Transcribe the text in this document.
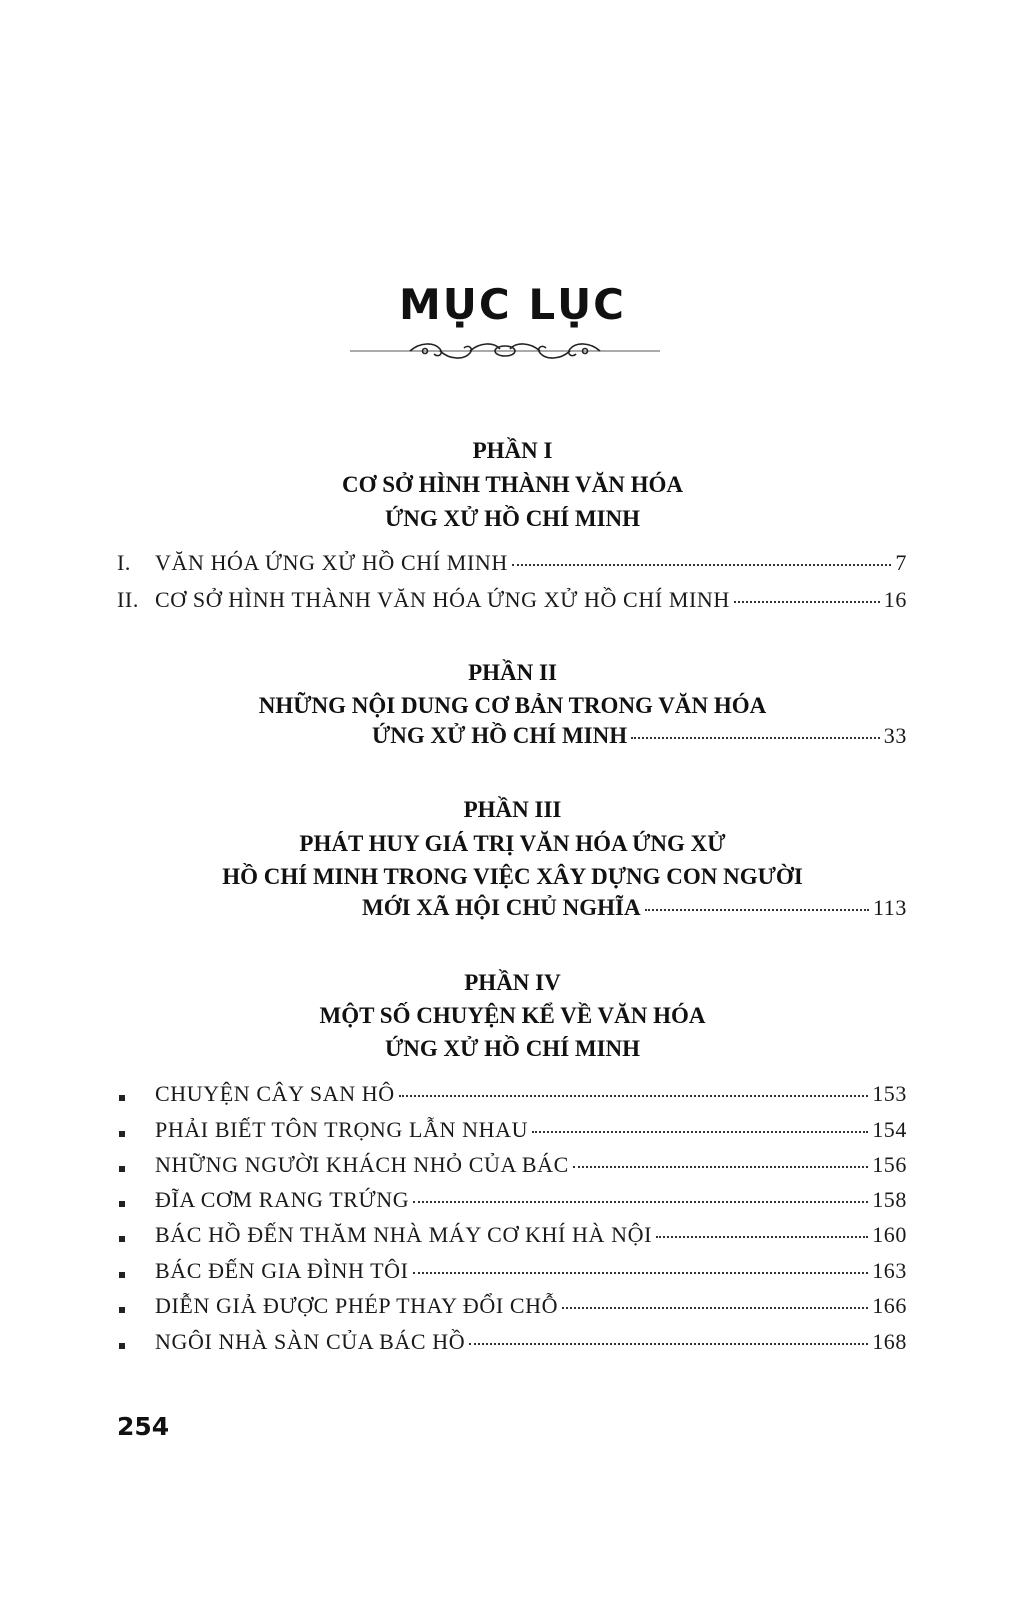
MỤC LỤC
PHẦN I
CƠ SỞ HÌNH THÀNH VĂN HÓA
ỨNG XỬ HỒ CHÍ MINH
I.	VĂN HÓA ỨNG XỬ HỒ CHÍ MINH	7
II. CƠ SỞ HÌNH THÀNH VĂN HÓA ỨNG XỬ HỒ CHÍ MINH	16
PHẦN II
NHỮNG NỘI DUNG CƠ BẢN TRONG VĂN HÓA
ỨNG XỬ HỒ CHÍ MINH	33
PHẦN III
PHÁT HUY GIÁ TRỊ VĂN HÓA ỨNG XỬ
HỒ CHÍ MINH TRONG VIỆC XÂY DỰNG CON NGƯỜI
MỚI XÃ HỘI CHỦ NGHĨA	113
PHẦN IV
MỘT SỐ CHUYỆN KỂ VỀ VĂN HÓA
ỨNG XỬ HỒ CHÍ MINH
CHUYỆN CÂY SAN HÔ	153
PHẢI BIẾT TÔN TRỌNG LẪN NHAU	154
NHỮNG NGƯỜI KHÁCH NHỎ CỦA BÁC	156
ĐĨA CƠM RANG TRỨNG	158
BÁC HỒ ĐẾN THĂM NHÀ MÁY CƠ KHÍ HÀ NỘI	160
BÁC ĐẾN GIA ĐÌNH TÔI	163
DIỄN GIẢ ĐƯỢC PHÉP THAY ĐỔI CHỖ	166
NGÔI NHÀ SÀN CỦA BÁC HỒ	168
254
